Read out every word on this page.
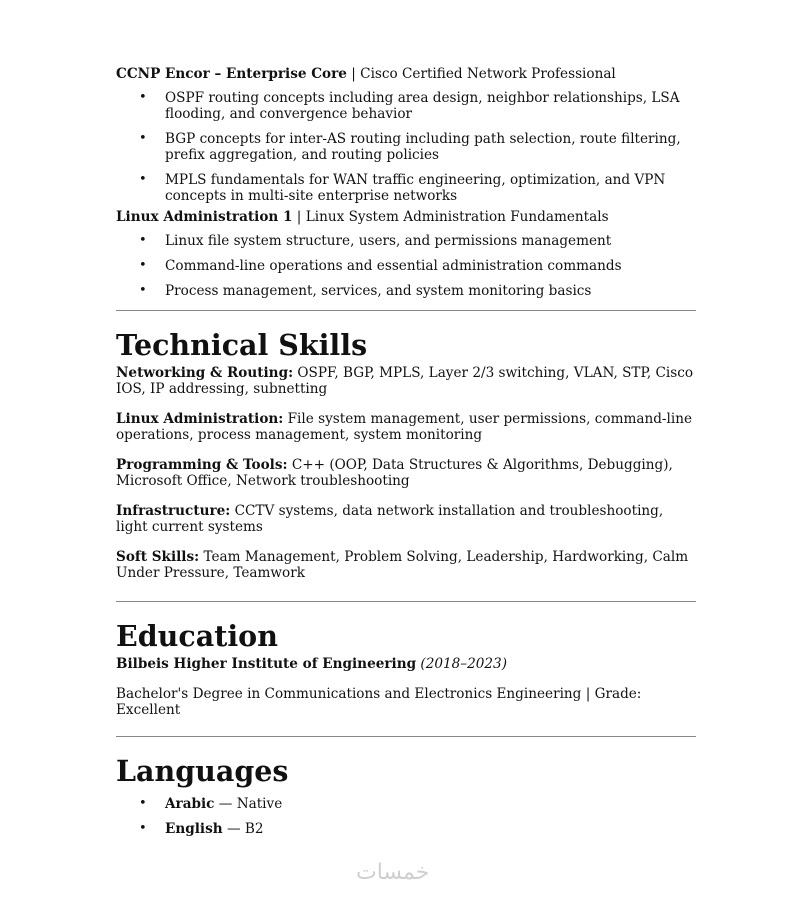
CCNP Encor – Enterprise Core | Cisco Certified Network Professional

• OSPF routing concepts including area design, neighbor relationships, LSA flooding, and convergence behavior
• BGP concepts for inter-AS routing including path selection, route filtering, prefix aggregation, and routing policies
• MPLS fundamentals for WAN traffic engineering, optimization, and VPN concepts in multi-site enterprise networks

Linux Administration 1 | Linux System Administration Fundamentals

• Linux file system structure, users, and permissions management
• Command-line operations and essential administration commands
• Process management, services, and system monitoring basics
Technical Skills

Networking & Routing: OSPF, BGP, MPLS, Layer 2/3 switching, VLAN, STP, Cisco IOS, IP addressing, subnetting

Linux Administration: File system management, user permissions, command-line operations, process management, system monitoring

Programming & Tools: C++ (OOP, Data Structures & Algorithms, Debugging), Microsoft Office, Network troubleshooting

Infrastructure: CCTV systems, data network installation and troubleshooting, light current systems

Soft Skills: Team Management, Problem Solving, Leadership, Hardworking, Calm Under Pressure, Teamwork

Education

Bilbeis Higher Institute of Engineering (2018–2023)

Bachelor's Degree in Communications and Electronics Engineering | Grade: Excellent

Languages
• Arabic — Native
• English — B2
خمسات
